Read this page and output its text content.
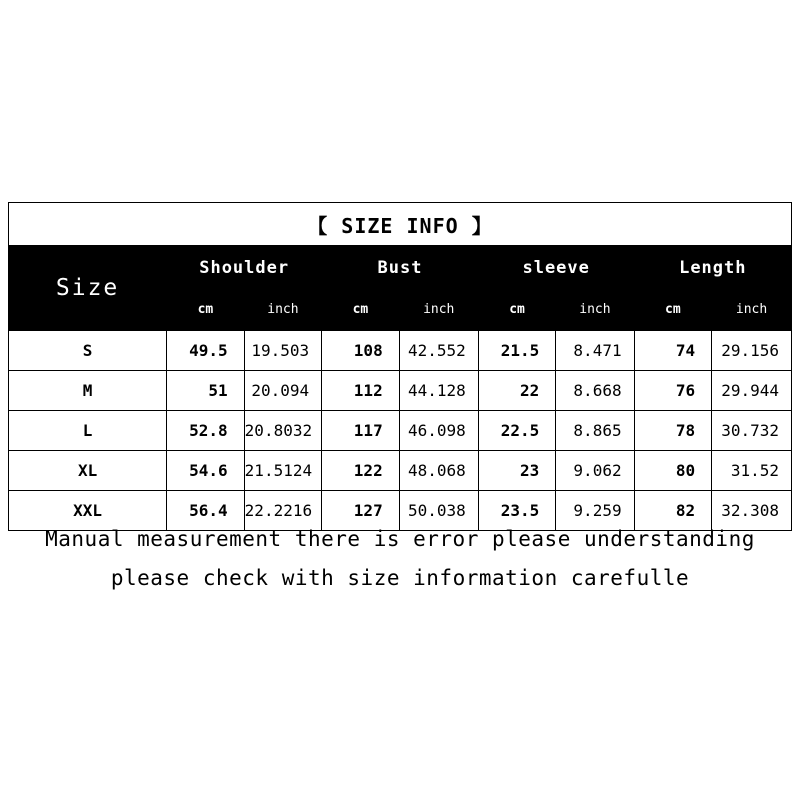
【 SIZE INFO 】								
Size	Shoulder		Bust		sleeve		Length	
	cm	inch	cm	inch	cm	inch	cm	inch
S	49.5	19.503	108	42.552	21.5	8.471	74	29.156
M	51	20.094	112	44.128	22	8.668	76	29.944
L	52.8	20.8032	117	46.098	22.5	8.865	78	30.732
XL	54.6	21.5124	122	48.068	23	9.062	80	31.52
XXL	56.4	22.2216	127	50.038	23.5	9.259	82	32.308
Manual measurement there is error please understanding
please check with size information carefulle
